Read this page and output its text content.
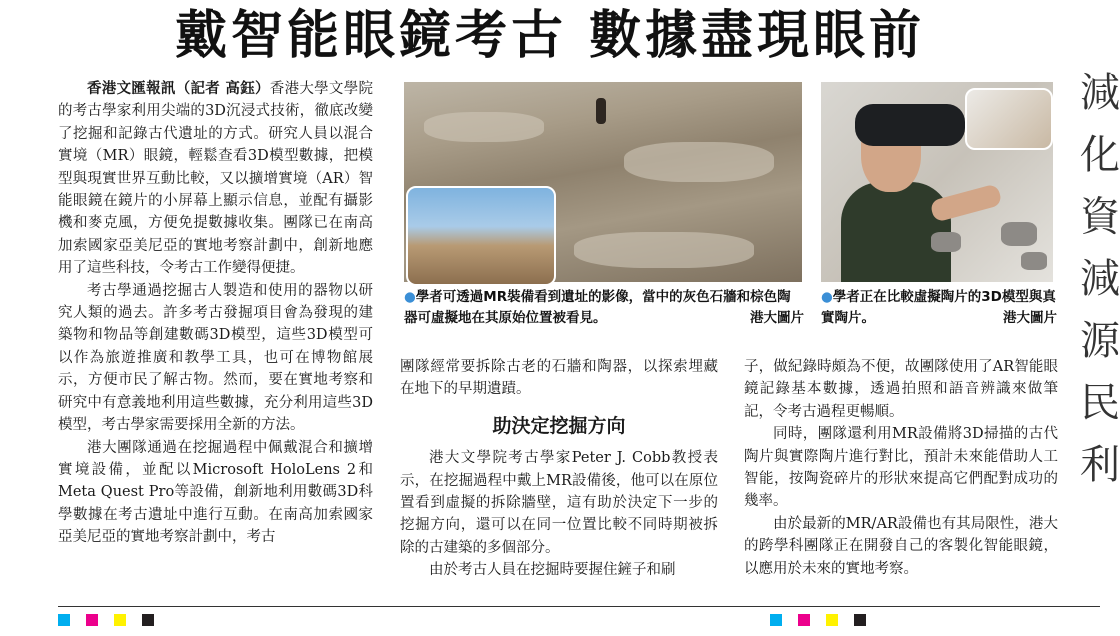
戴智能眼鏡考古 數據盡現眼前

香港文匯報訊（記者 高鈺）香港大學文學院的考古學家利用尖端的3D沉浸式技術，徹底改變了挖掘和記錄古代遺址的方式。研究人員以混合實境（MR）眼鏡，輕鬆查看3D模型數據，把模型與現實世界互動比較，又以擴增實境（AR）智能眼鏡在鏡片的小屏幕上顯示信息，並配有攝影機和麥克風，方便免提數據收集。團隊已在南高加索國家亞美尼亞的實地考察計劃中，創新地應用了這些科技，令考古工作變得便捷。

考古學通過挖掘古人製造和使用的器物以研究人類的過去。許多考古發掘項目會為發現的建築物和物品等創建數碼3D模型，這些3D模型可以作為旅遊推廣和教學工具，也可在博物館展示，方便市民了解古物。然而，要在實地考察和研究中有意義地利用這些數據，充分利用這些3D模型，考古學家需要採用全新的方法。

港大團隊通過在挖掘過程中佩戴混合和擴增實境設備，並配以Microsoft HoloLens 2和Meta Quest Pro等設備，創新地利用數碼3D科學數據在考古遺址中進行互動。在南高加索國家亞美尼亞的實地考察計劃中，考古

●學者可透過MR裝備看到遺址的影像，當中的灰色石牆和棕色陶器可虛擬地在其原始位置被看見。	港大圖片
●學者正在比較虛擬陶片的3D模型與真實陶片。	港大圖片

團隊經常要拆除古老的石牆和陶器，以探索埋藏在地下的早期遺蹟。

助決定挖掘方向

港大文學院考古學家Peter J. Cobb教授表示，在挖掘過程中戴上MR設備後，他可以在原位置看到虛擬的拆除牆壁，這有助於決定下一步的挖掘方向，還可以在同一位置比較不同時期被拆除的古建築的多個部分。

由於考古人員在挖掘時要握住鏟子和刷

子，做紀錄時頗為不便，故團隊使用了AR智能眼鏡記錄基本數據，透過拍照和語音辨識來做筆記，令考古過程更暢順。

同時，團隊還利用MR設備將3D掃描的古代陶片與實際陶片進行對比，預計未來能借助人工智能，按陶瓷碎片的形狀來提高它們配對成功的幾率。

由於最新的MR/AR設備也有其局限性，港大的跨學科團隊正在開發自己的客製化智能眼鏡，以應用於未來的實地考察。

減
化
資
減
源
民
利
